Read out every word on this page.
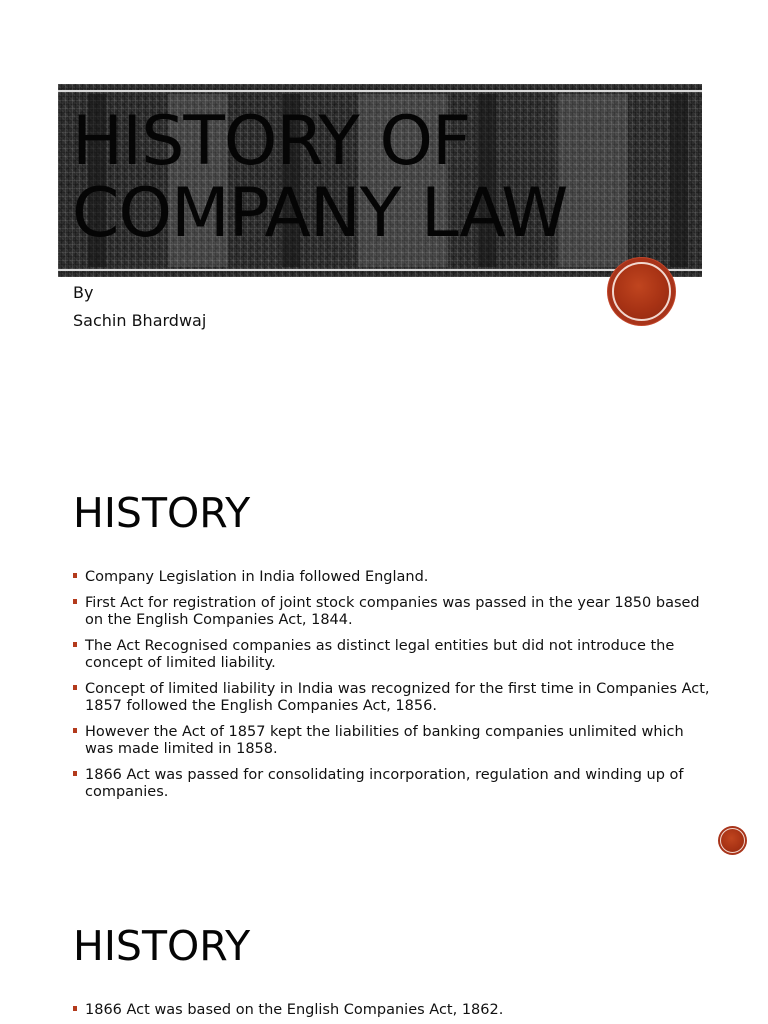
HISTORY OF
COMPANY LAW
By
Sachin Bhardwaj
HISTORY
Company Legislation in India followed England.
First Act for registration of joint stock companies was passed in the year 1850 based on the English Companies Act, 1844.
The Act Recognised companies as distinct legal entities but did not introduce the concept of limited liability.
Concept of limited liability in India was recognized for the first time in Companies Act, 1857 followed the English Companies Act, 1856.
However the Act of 1857 kept the liabilities of banking companies unlimited which was made limited in 1858.
1866 Act was passed for consolidating incorporation, regulation and winding up of companies.
HISTORY
1866 Act was based on the English Companies Act, 1862.
